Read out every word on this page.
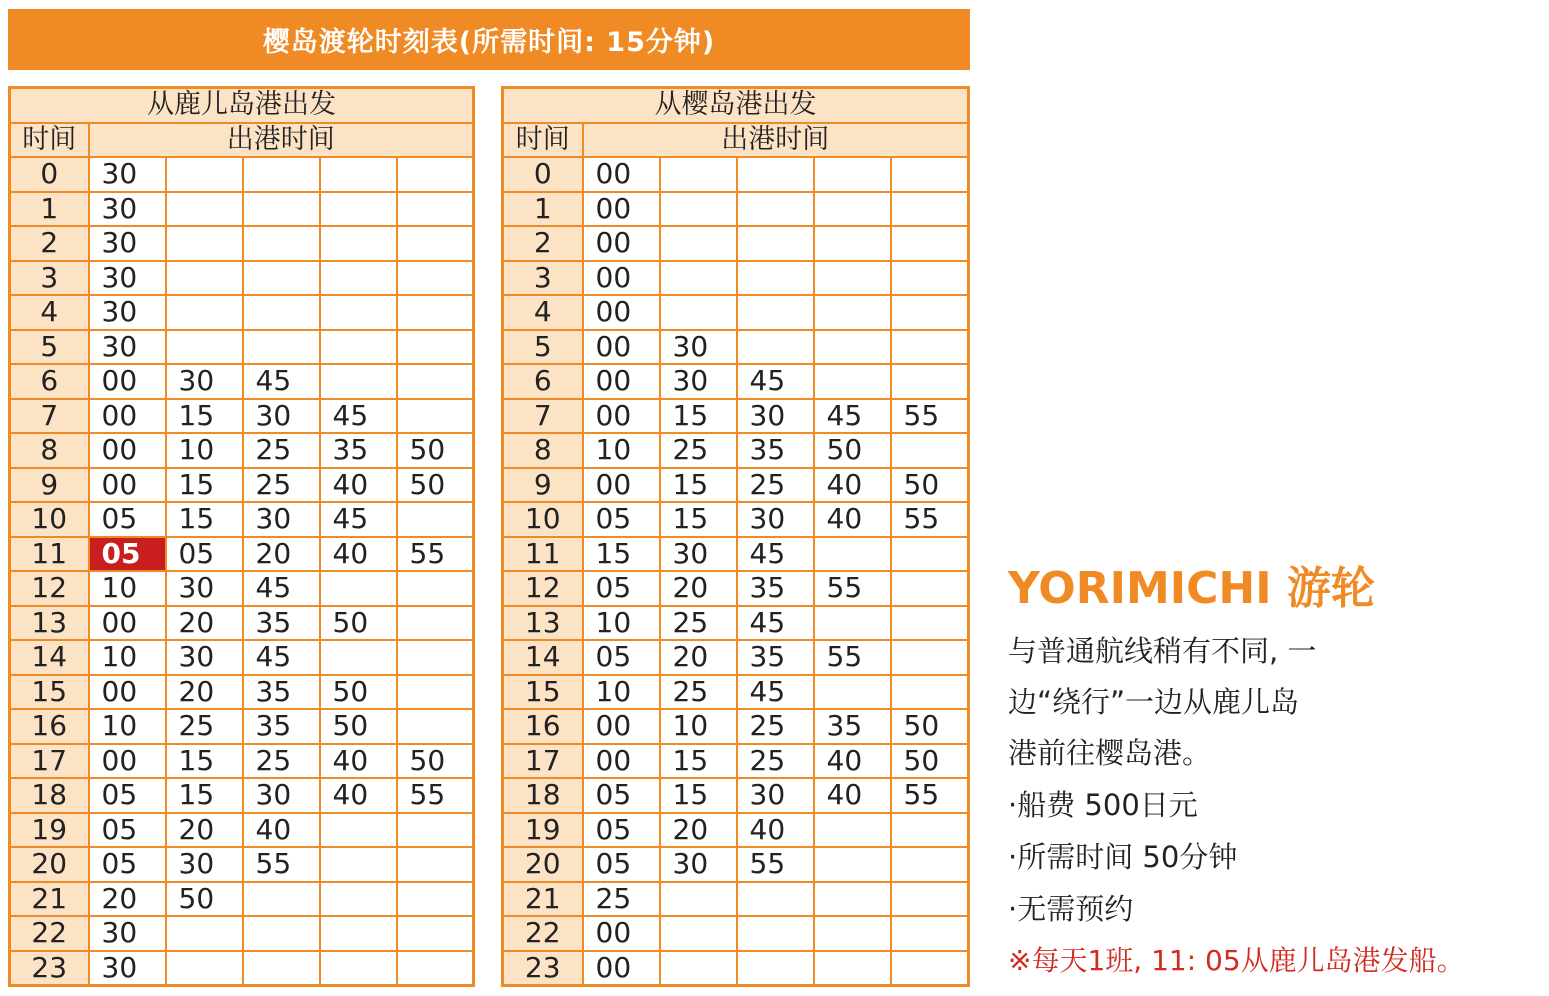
樱岛渡轮时刻表(所需时间: 15分钟)
从鹿儿岛港出发					
时间	出港时间				
0	30				
1	30				
2	30				
3	30				
4	30				
5	30				
6	00	30	45		
7	00	15	30	45	
8	00	10	25	35	50
9	00	15	25	40	50
10	05	15	30	45	
11	05	05	20	40	55
12	10	30	45		
13	00	20	35	50	
14	10	30	45		
15	00	20	35	50	
16	10	25	35	50	
17	00	15	25	40	50
18	05	15	30	40	55
19	05	20	40		
20	05	30	55		
21	20	50			
22	30				
23	30				
从樱岛港出发					
时间	出港时间				
0	00				
1	00				
2	00				
3	00				
4	00				
5	00	30			
6	00	30	45		
7	00	15	30	45	55
8	10	25	35	50	
9	00	15	25	40	50
10	05	15	30	40	55
11	15	30	45		
12	05	20	35	55	
13	10	25	45		
14	05	20	35	55	
15	10	25	45		
16	00	10	25	35	50
17	00	15	25	40	50
18	05	15	30	40	55
19	05	20	40		
20	05	30	55		
21	25				
22	00				
23	00				
YORIMICHI 游轮
与普通航线稍有不同, 一
边“绕行”一边从鹿儿岛
港前往樱岛港。
·船费 500日元
·所需时间 50分钟
·无需预约
※每天1班, 11: 05从鹿儿岛港发船。
